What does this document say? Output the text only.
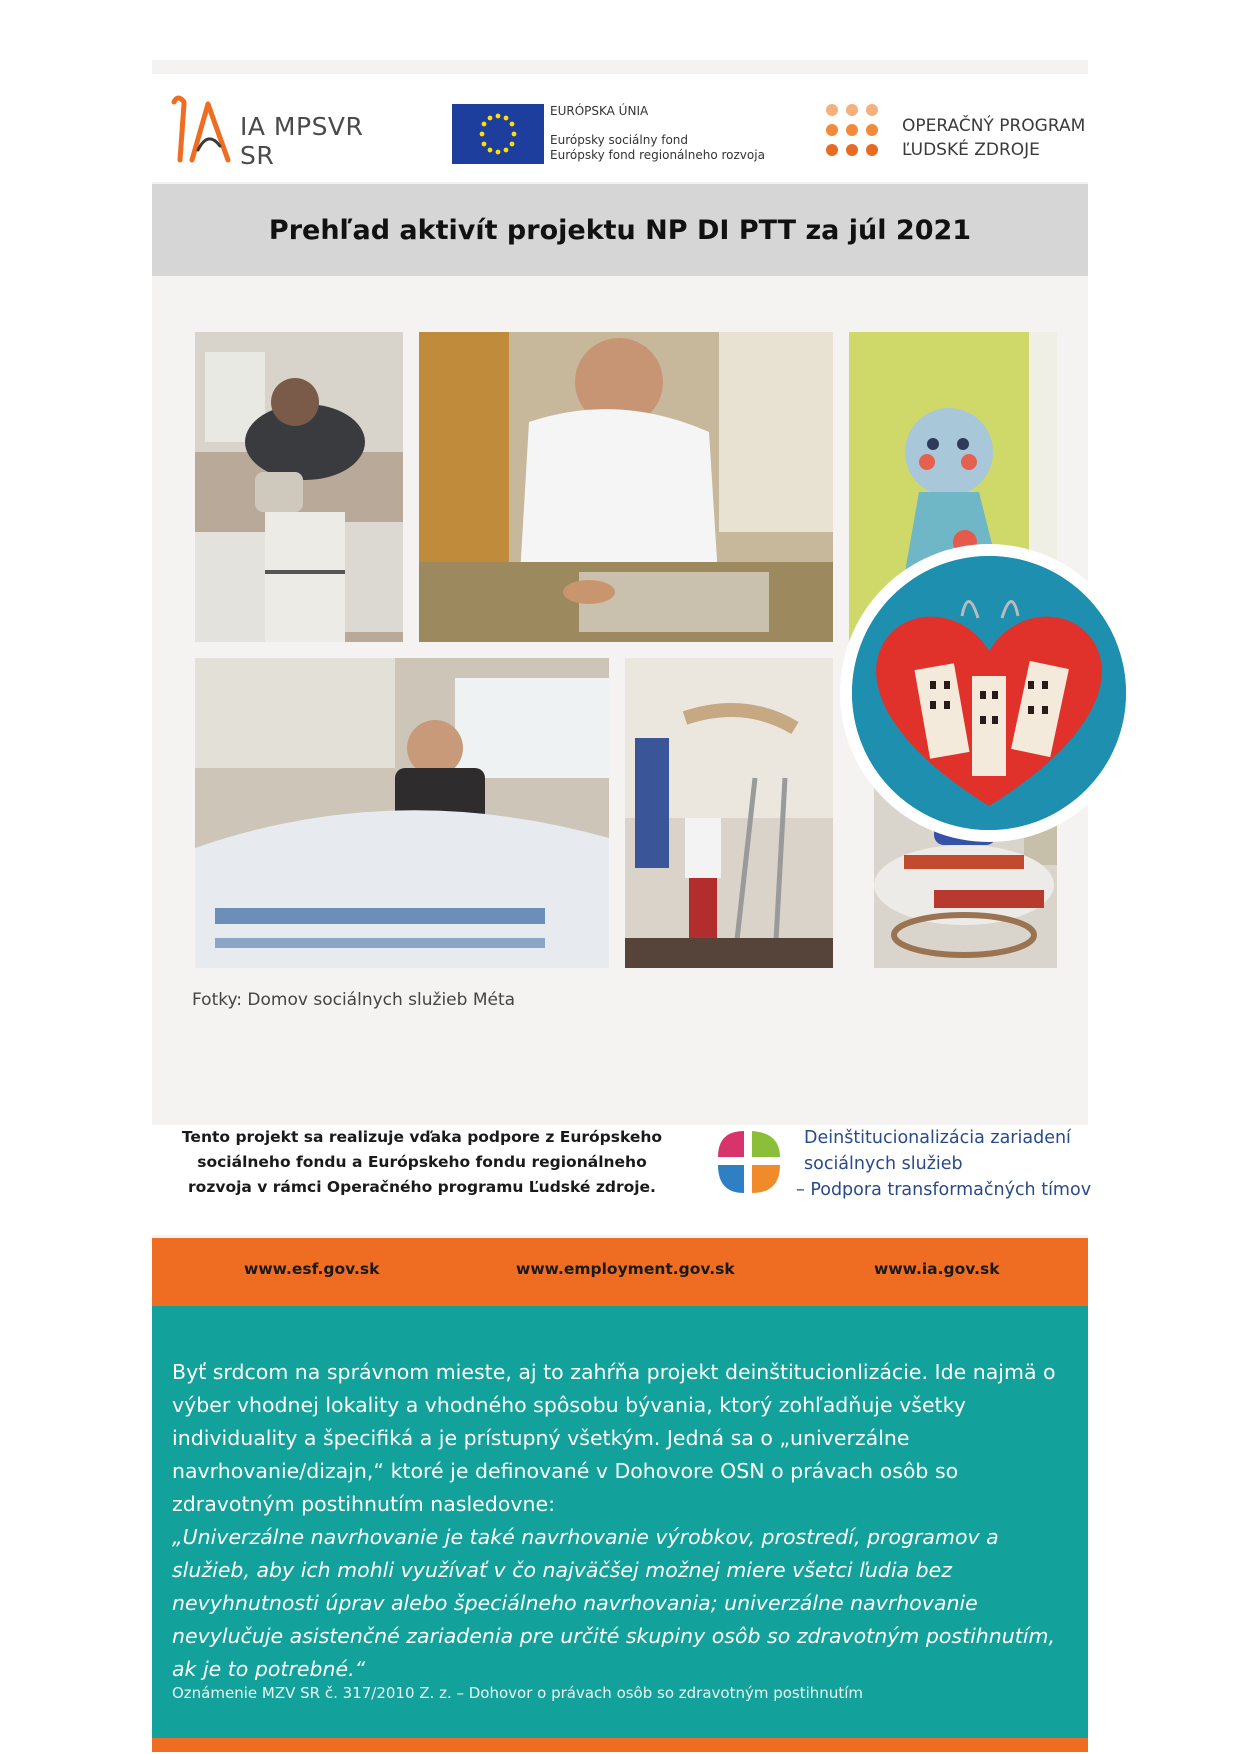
IA MPSVR SR
EURÓPSKA ÚNIA
Európsky sociálny fond
Európsky fond regionálneho rozvoja
OPERAČNÝ PROGRAM
ĽUDSKÉ ZDROJE
Prehľad aktivít projektu NP DI PTT za júl 2021
Fotky: Domov sociálnych služieb Méta
Tento projekt sa realizuje vďaka podpore z Európskeho sociálneho fondu a Európskeho fondu regionálneho rozvoja v rámci Operačného programu Ľudské zdroje.
Deinštitucionalizácia zariadení
sociálnych služieb
– Podpora transformačných tímov
www.esf.gov.sk	www.employment.gov.sk	www.ia.gov.sk

Byť srdcom na správnom mieste, aj to zahŕňa projekt deinštitucionlizácie. Ide najmä o výber vhodnej lokality a vhodného spôsobu bývania, ktorý zohľadňuje všetky individuality a špecifiká a je prístupný všetkým. Jedná sa o „univerzálne navrhovanie/dizajn,“ ktoré je definované v Dohovore OSN o právach osôb so zdravotným postihnutím nasledovne:

„Univerzálne navrhovanie je také navrhovanie výrobkov, prostredí, programov a služieb, aby ich mohli využívať v čo najväčšej možnej miere všetci ľudia bez nevyhnutnosti úprav alebo špeciálneho navrhovania; univerzálne navrhovanie nevylučuje asistenčné zariadenia pre určité skupiny osôb so zdravotným postihnutím, ak je to potrebné.“

Oznámenie MZV SR č. 317/2010 Z. z. – Dohovor o právach osôb so zdravotným postihnutím
